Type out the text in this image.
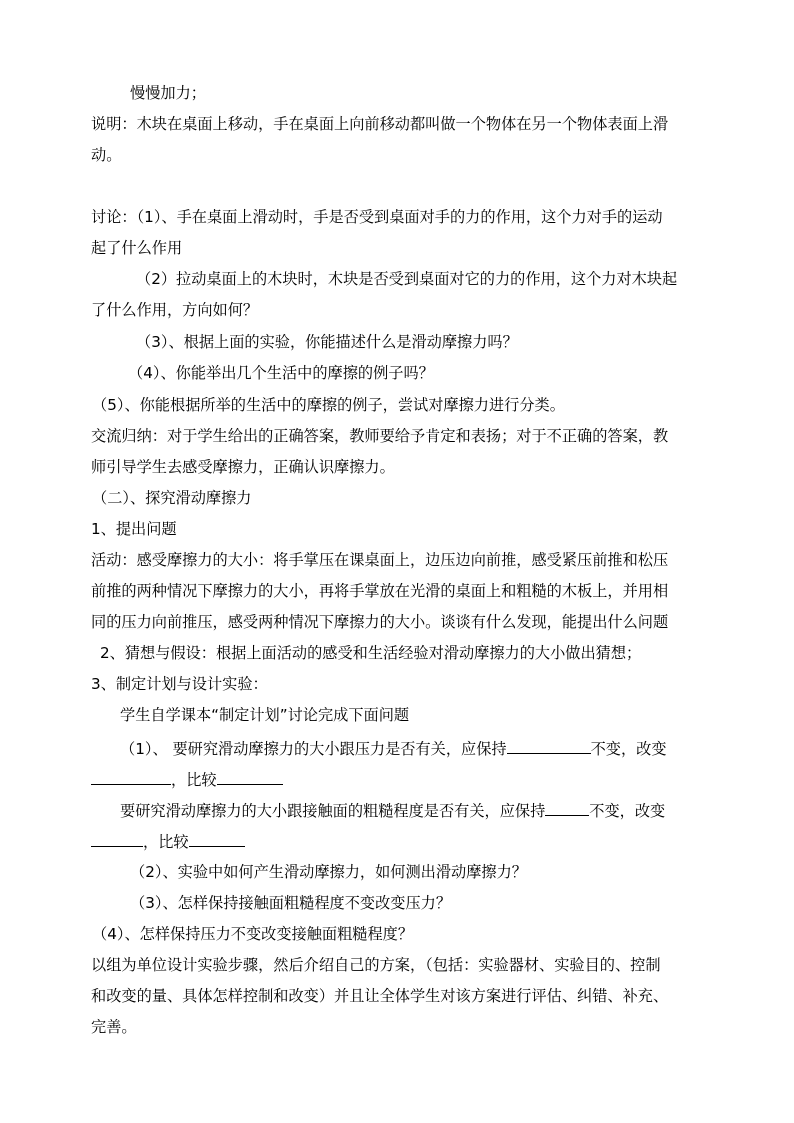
慢慢加力；
说明：木块在桌面上移动，手在桌面上向前移动都叫做一个物体在另一个物体表面上滑
动。
讨论：（1）、手在桌面上滑动时，手是否受到桌面对手的力的作用，这个力对手的运动
起了什么作用
（2）拉动桌面上的木块时，木块是否受到桌面对它的力的作用，这个力对木块起
了什么作用，方向如何？
（3）、根据上面的实验，你能描述什么是滑动摩擦力吗？
（4）、你能举出几个生活中的摩擦的例子吗？
（5）、你能根据所举的生活中的摩擦的例子，尝试对摩擦力进行分类。
交流归纳：对于学生给出的正确答案，教师要给予肯定和表扬；对于不正确的答案，教
师引导学生去感受摩擦力，正确认识摩擦力。
（二）、探究滑动摩擦力
1、提出问题
活动：感受摩擦力的大小：将手掌压在课桌面上，边压边向前推，感受紧压前推和松压
前推的两种情况下摩擦力的大小，再将手掌放在光滑的桌面上和粗糙的木板上，并用相
同的压力向前推压，感受两种情况下摩擦力的大小。谈谈有什么发现，能提出什么问题
2、猜想与假设：根据上面活动的感受和生活经验对滑动摩擦力的大小做出猜想；
3、制定计划与设计实验：
学生自学课本“制定计划”讨论完成下面问题
（1）、 要研究滑动摩擦力的大小跟压力是否有关，应保持	不变，改变
，比较
要研究滑动摩擦力的大小跟接触面的粗糙程度是否有关，应保持	不变，改变
，比较
（2）、实验中如何产生滑动摩擦力，如何测出滑动摩擦力？
（3）、怎样保持接触面粗糙程度不变改变压力？
（4）、怎样保持压力不变改变接触面粗糙程度？
以组为单位设计实验步骤，然后介绍自己的方案，（包括：实验器材、实验目的、控制
和改变的量、具体怎样控制和改变）并且让全体学生对该方案进行评估、纠错、补充、
完善。
